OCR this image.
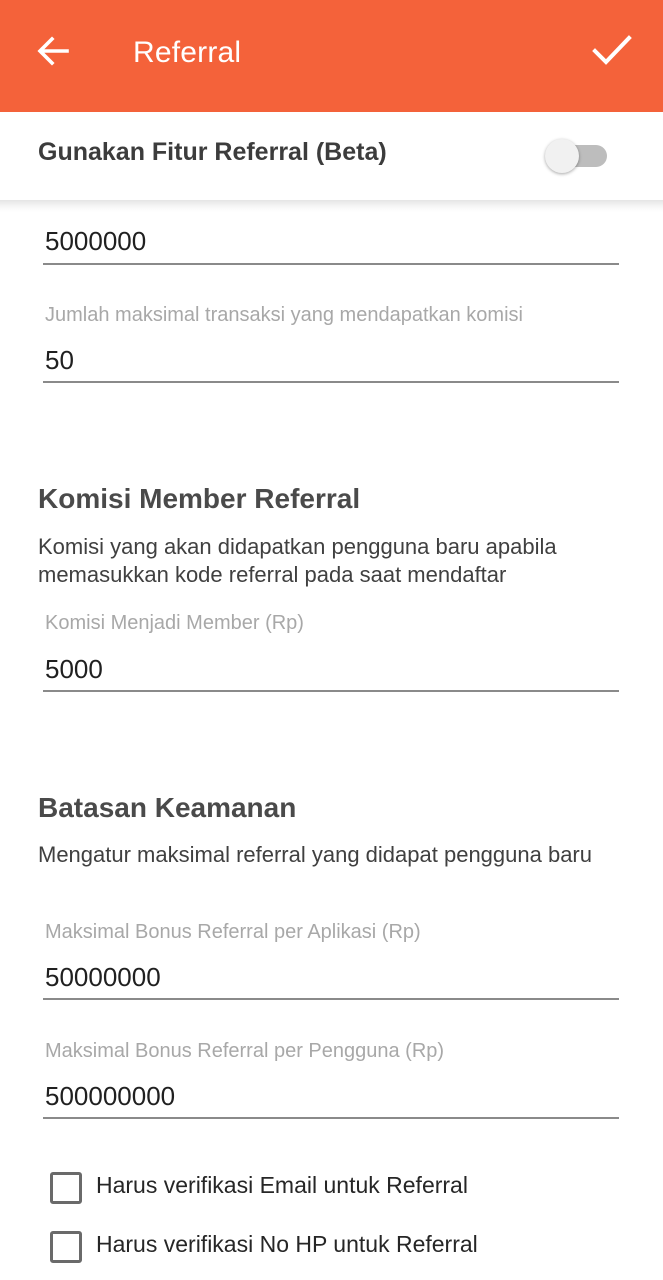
Referral
Gunakan Fitur Referral (Beta)
5000000
Jumlah maksimal transaksi yang mendapatkan komisi
50
Komisi Member Referral
Komisi yang akan didapatkan pengguna baru apabila memasukkan kode referral pada saat mendaftar
Komisi Menjadi Member (Rp)
5000
Batasan Keamanan
Mengatur maksimal referral yang didapat pengguna baru
Maksimal Bonus Referral per Aplikasi (Rp)
50000000
Maksimal Bonus Referral per Pengguna (Rp)
500000000
Harus verifikasi Email untuk Referral
Harus verifikasi No HP untuk Referral
